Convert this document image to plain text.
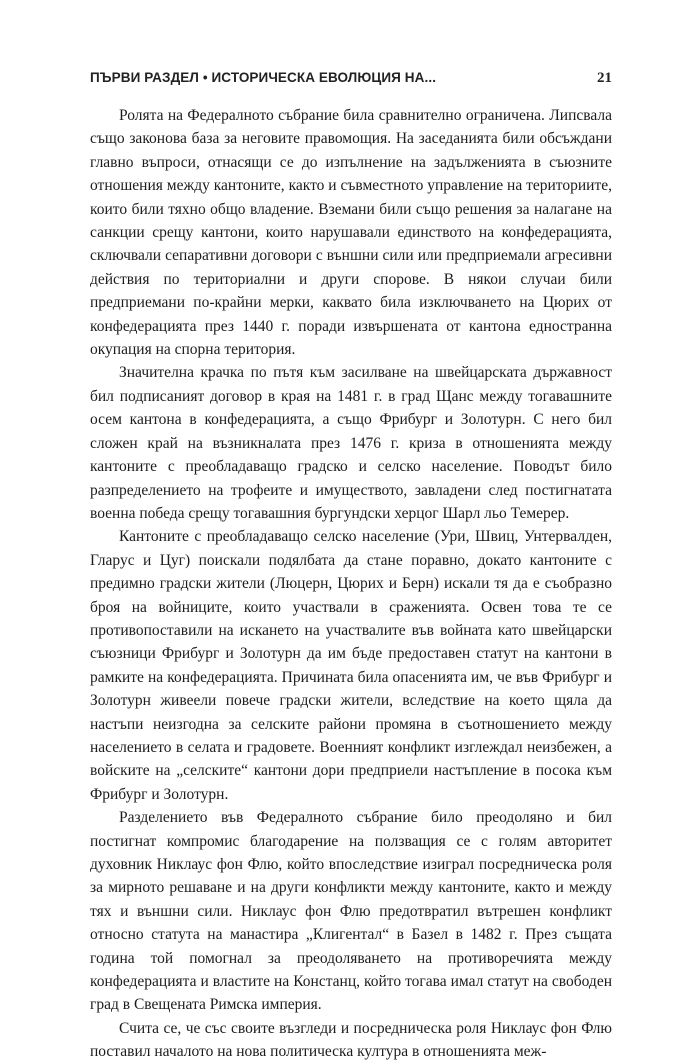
ПЪРВИ РАЗДЕЛ • ИСТОРИЧЕСКА ЕВОЛЮЦИЯ НА...	21

Ролята на Федералното събрание била сравнително ограничена. Липсвала също законова база за неговите правомощия. На заседанията били обсъждани главно въпроси, отнасящи се до изпълнение на задълженията в съюзните отношения между кантоните, както и съвместното управление на териториите, които били тяхно общо владение. Вземани били също решения за налагане на санкции срещу кантони, които нарушавали единството на конфедерацията, сключвали сепаративни договори с външни сили или предприемали агресивни действия по териториални и други спорове. В някои случаи били предприемани по-крайни мерки, каквато била изключването на Цюрих от конфедерацията през 1440 г. поради извършената от кантона едностранна окупация на спорна територия.

Значителна крачка по пътя към засилване на швейцарската държавност бил подписаният договор в края на 1481 г. в град Щанс между тогавашните осем кантона в конфедерацията, а също Фрибург и Золотурн. С него бил сложен край на възникналата през 1476 г. криза в отношенията между кантоните с преобладаващо градско и селско население. Поводът било разпределението на трофеите и имуществото, завладени след постигнатата военна победа срещу тогавашния бургундски херцог Шарл льо Темерер.

Кантоните с преобладаващо селско население (Ури, Швиц, Унтервалден, Гларус и Цуг) поискали подялбата да стане поравно, докато кантоните с предимно градски жители (Люцерн, Цюрих и Берн) искали тя да е съобразно броя на войниците, които участвали в сраженията. Освен това те се противопоставили на искането на участвалите във войната като швейцарски съюзници Фрибург и Золотурн да им бъде предоставен статут на кантони в рамките на конфедерацията. Причината била опасенията им, че във Фрибург и Золотурн живеели повече градски жители, вследствие на което щяла да настъпи неизгодна за селските райони промяна в съотношението между населението в селата и градовете. Военният конфликт изглеждал неизбежен, а войските на „селските“ кантони дори предприели настъпление в посока към Фрибург и Золотурн.

Разделението във Федералното събрание било преодоляно и бил постигнат компромис благодарение на ползващия се с голям авторитет духовник Никлаус фон Флю, който впоследствие изиграл посредническа роля за мирното решаване и на други конфликти между кантоните, както и между тях и външни сили. Никлаус фон Флю предотвратил вътрешен конфликт относно статута на манастира „Клигентал“ в Базел в 1482 г. През същата година той помогнал за преодоляването на противоречията между конфедерацията и властите на Констанц, който тогава имал статут на свободен град в Свещената Римска империя.

Счита се, че със своите възгледи и посредническа роля Никлаус фон Флю поставил началото на нова политическа култура в отношенията меж-
